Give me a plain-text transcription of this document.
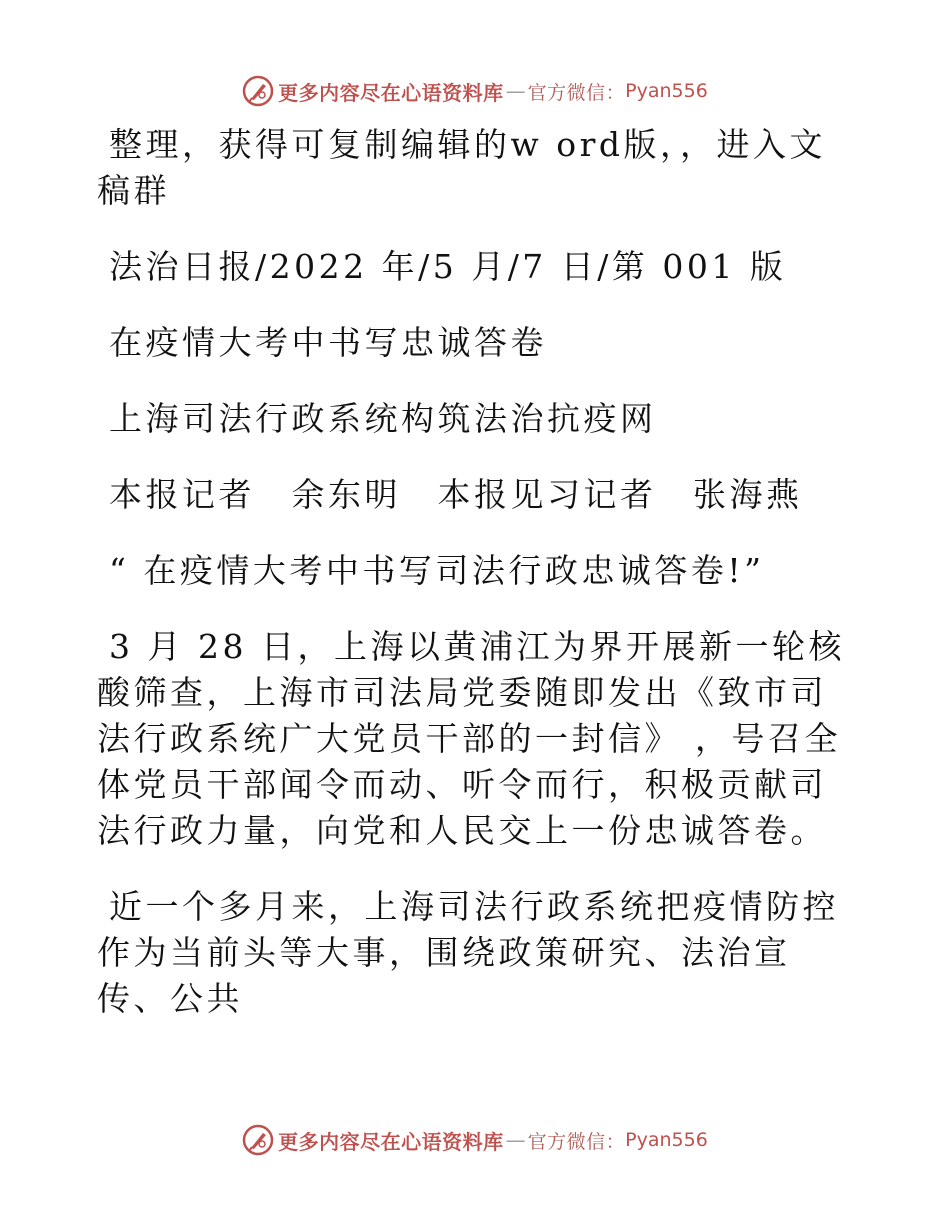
更多内容尽在心语资料库 — 官方微信： Pyan556

整理，获得可复制编辑的w ord版，，进入文稿群

法治日报/2022 年/5 月/7 日/第 001 版

在疫情大考中书写忠诚答卷

上海司法行政系统构筑法治抗疫网

本报记者　余东明　本报见习记者　张海燕

“ 在疫情大考中书写司法行政忠诚答卷!”

3 月 28 日，上海以黄浦江为界开展新一轮核酸筛查，上海市司法局党委随即发出《致市司法行政系统广大党员干部的一封信》 ，号召全体党员干部闻令而动、听令而行，积极贡献司法行政力量，向党和人民交上一份忠诚答卷。

近一个多月来，上海司法行政系统把疫情防控作为当前头等大事，围绕政策研究、法治宣传、公共

更多内容尽在心语资料库 — 官方微信： Pyan556
